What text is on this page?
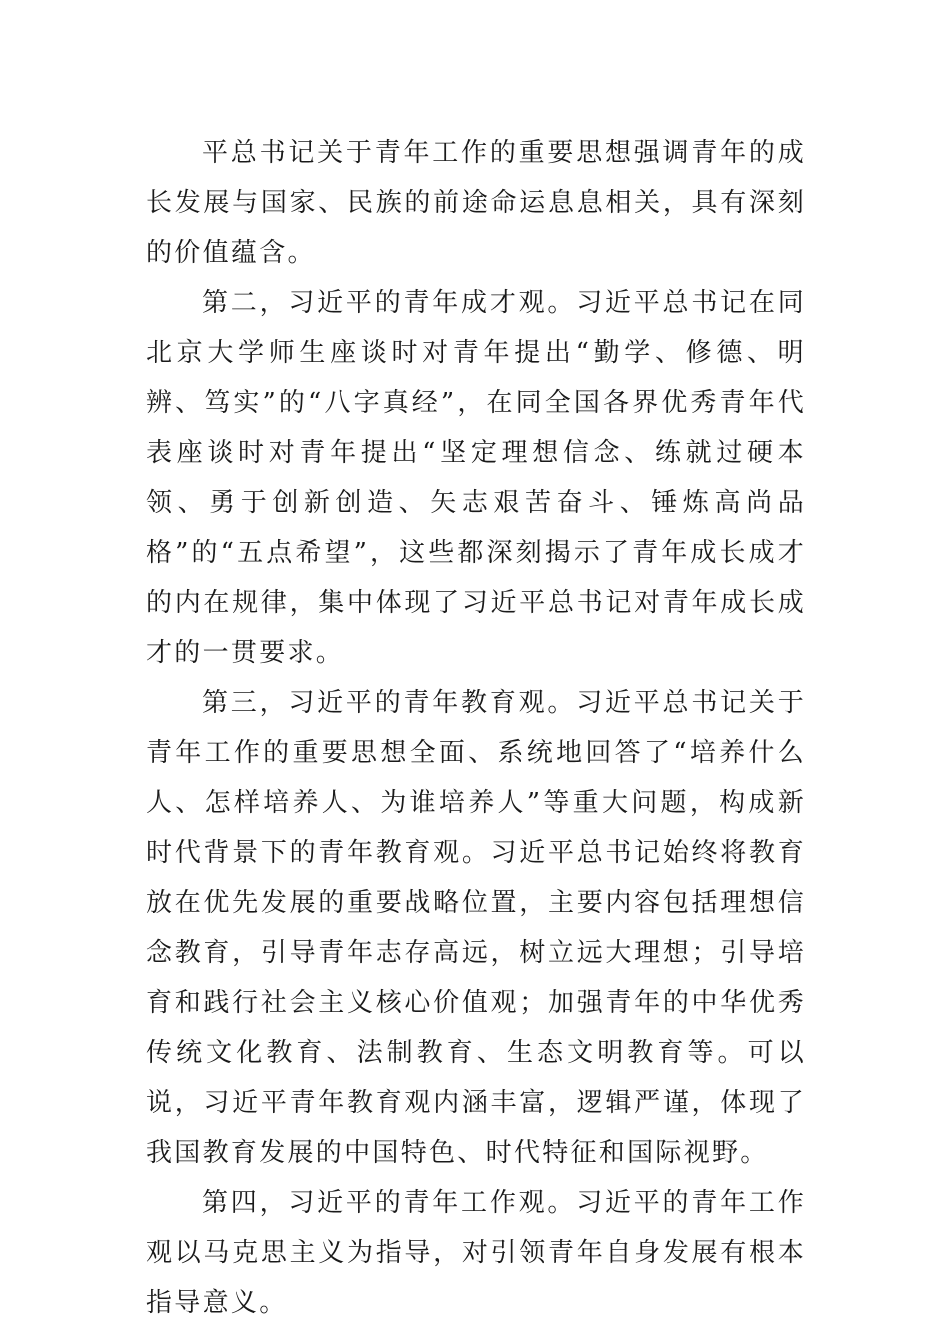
平总书记关于青年工作的重要思想强调青年的成长发展与国家、民族的前途命运息息相关，具有深刻的价值蕴含。

第二，习近平的青年成才观。习近平总书记在同北京大学师生座谈时对青年提出“勤学、修德、明辨、笃实”的“八字真经”，在同全国各界优秀青年代表座谈时对青年提出“坚定理想信念、练就过硬本领、勇于创新创造、矢志艰苦奋斗、锤炼高尚品格”的“五点希望”，这些都深刻揭示了青年成长成才的内在规律，集中体现了习近平总书记对青年成长成才的一贯要求。

第三，习近平的青年教育观。习近平总书记关于青年工作的重要思想全面、系统地回答了“培养什么人、怎样培养人、为谁培养人”等重大问题，构成新时代背景下的青年教育观。习近平总书记始终将教育放在优先发展的重要战略位置，主要内容包括理想信念教育，引导青年志存高远，树立远大理想；引导培育和践行社会主义核心价值观；加强青年的中华优秀传统文化教育、法制教育、生态文明教育等。可以说，习近平青年教育观内涵丰富，逻辑严谨，体现了我国教育发展的中国特色、时代特征和国际视野。

第四，习近平的青年工作观。习近平的青年工作观以马克思主义为指导，对引领青年自身发展有根本指导意义。
